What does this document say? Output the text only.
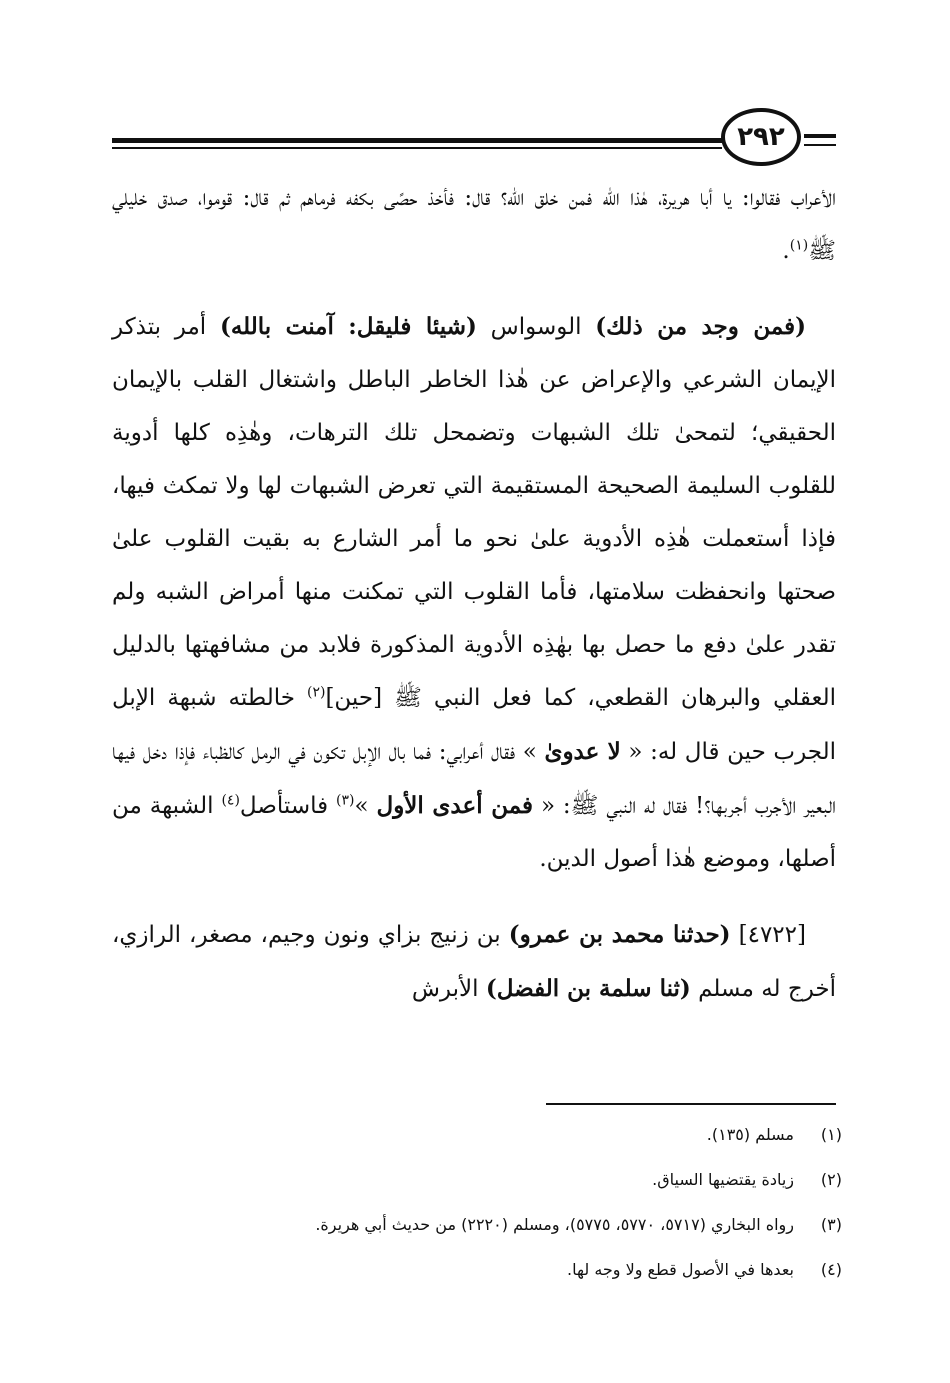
٢٩٢

الأعراب فقالوا: يا أبا هريرة، هٰذا الله فمن خلق الله؟ قال: فأخذ حصًى بكفه فرماهم ثم قال: قوموا، صدق خليلي ﷺ$^{(١)}$.

(فمن وجد من ذلك) الوسواس (شيئا فليقل: آمنت بالله) أمر بتذكر الإيمان الشرعي والإعراض عن هٰذا الخاطر الباطل واشتغال القلب بالإيمان الحقيقي؛ لتمحىٰ تلك الشبهات وتضمحل تلك الترهات، وهٰذِه كلها أدوية للقلوب السليمة الصحيحة المستقيمة التي تعرض الشبهات لها ولا تمكث فيها، فإذا أستعملت هٰذِه الأدوية علىٰ نحو ما أمر الشارع به بقيت القلوب علىٰ صحتها وانحفظت سلامتها، فأما القلوب التي تمكنت منها أمراض الشبه ولم تقدر علىٰ دفع ما حصل بها بهٰذِه الأدوية المذكورة فلابد من مشافهتها بالدليل العقلي والبرهان القطعي، كما فعل النبي ﷺ [حين]$^{(٢)}$ خالطته شبهة الإبل الجرب حين قال له: « لا عدوىٰ » فقال أعرابي: فما بال الإبل تكون في الرمل كالظباء فإذا دخل فيها البعير الأجرب أجربها؟! فقال له النبي ﷺ: « فمن أعدى الأول »$^{(٣)}$ فاستأصل$^{(٤)}$ الشبهة من أصلها، وموضع هٰذا أصول الدين.

[٤٧٢٢] (حدثنا محمد بن عمرو) بن زنيج بزاي ونون وجيم، مصغر، الرازي، أخرج له مسلم (ثنا سلمة بن الفضل) الأبرش

(١)
مسلم (١٣٥).
(٢)
زيادة يقتضيها السياق.
(٣)
رواه البخاري (٥٧١٧، ٥٧٧٠، ٥٧٧٥)، ومسلم (٢٢٢٠) من حديث أبي هريرة.
(٤)
بعدها في الأصول قطع ولا وجه لها.
